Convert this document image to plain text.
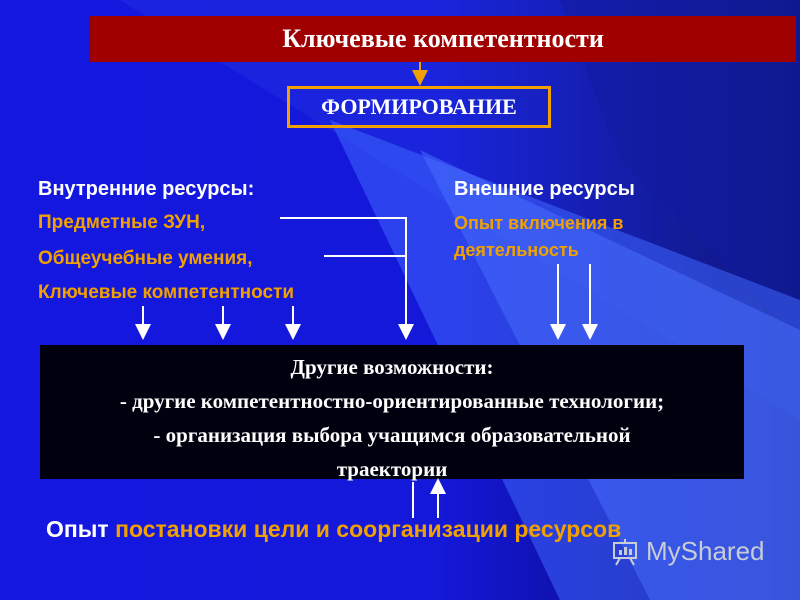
Ключевые компетентности
ФОРМИРОВАНИЕ
Внутренние ресурсы:
Предметные ЗУН,
Общеучебные умения,
Ключевые компетентности
Внешние ресурсы
Опыт включения в
деятельность
Другие возможности:
- другие компетентностно-ориентированные технологии;
- организация выбора учащимся образовательной
траектории
Опыт постановки цели и соорганизации ресурсов
MyShared
